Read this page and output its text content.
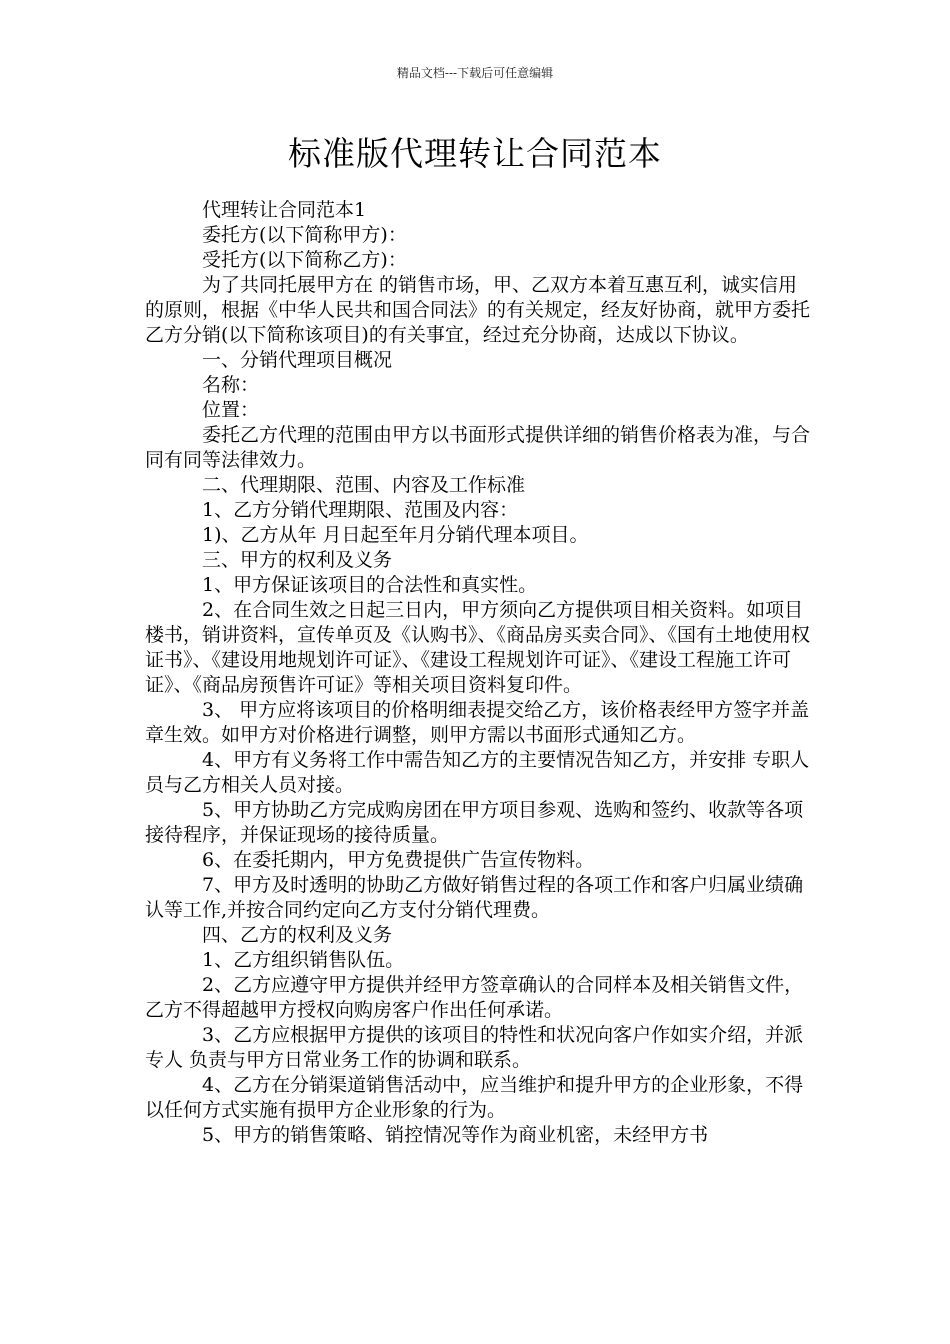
精品文档---下载后可任意编辑
标准版代理转让合同范本

代理转让合同范本1

委托方(以下简称甲方)：

受托方(以下简称乙方)：

为了共同托展甲方在 的销售市场，甲、乙双方本着互惠互利，诚实信用的原则，根据《中华人民共和国合同法》的有关规定，经友好协商，就甲方委托乙方分销(以下简称该项目)的有关事宜，经过充分协商，达成以下协议。

一、分销代理项目概况

名称：

位置：

委托乙方代理的范围由甲方以书面形式提供详细的销售价格表为准，与合同有同等法律效力。

二、代理期限、范围、内容及工作标准

1、乙方分销代理期限、范围及内容：

1)、乙方从年 月日起至年月分销代理本项目。

三、甲方的权利及义务

1、甲方保证该项目的合法性和真实性。

2、在合同生效之日起三日内，甲方须向乙方提供项目相关资料。如项目楼书，销讲资料，宣传单页及《认购书》、《商品房买卖合同》、《国有土地使用权证书》、《建设用地规划许可证》、《建设工程规划许可证》、《建设工程施工许可证》、《商品房预售许可证》等相关项目资料复印件。

3、 甲方应将该项目的价格明细表提交给乙方，该价格表经甲方签字并盖章生效。如甲方对价格进行调整，则甲方需以书面形式通知乙方。

4、甲方有义务将工作中需告知乙方的主要情况告知乙方，并安排 专职人员与乙方相关人员对接。

5、甲方协助乙方完成购房团在甲方项目参观、选购和签约、收款等各项接待程序，并保证现场的接待质量。

6、在委托期内，甲方免费提供广告宣传物料。

7、甲方及时透明的协助乙方做好销售过程的各项工作和客户归属业绩确认等工作,并按合同约定向乙方支付分销代理费。

四、乙方的权利及义务

1、乙方组织销售队伍。

2、乙方应遵守甲方提供并经甲方签章确认的合同样本及相关销售文件，乙方不得超越甲方授权向购房客户作出任何承诺。

3、乙方应根据甲方提供的该项目的特性和状况向客户作如实介绍，并派专人 负责与甲方日常业务工作的协调和联系。

4、乙方在分销渠道销售活动中，应当维护和提升甲方的企业形象，不得以任何方式实施有损甲方企业形象的行为。

5、甲方的销售策略、销控情况等作为商业机密，未经甲方书
